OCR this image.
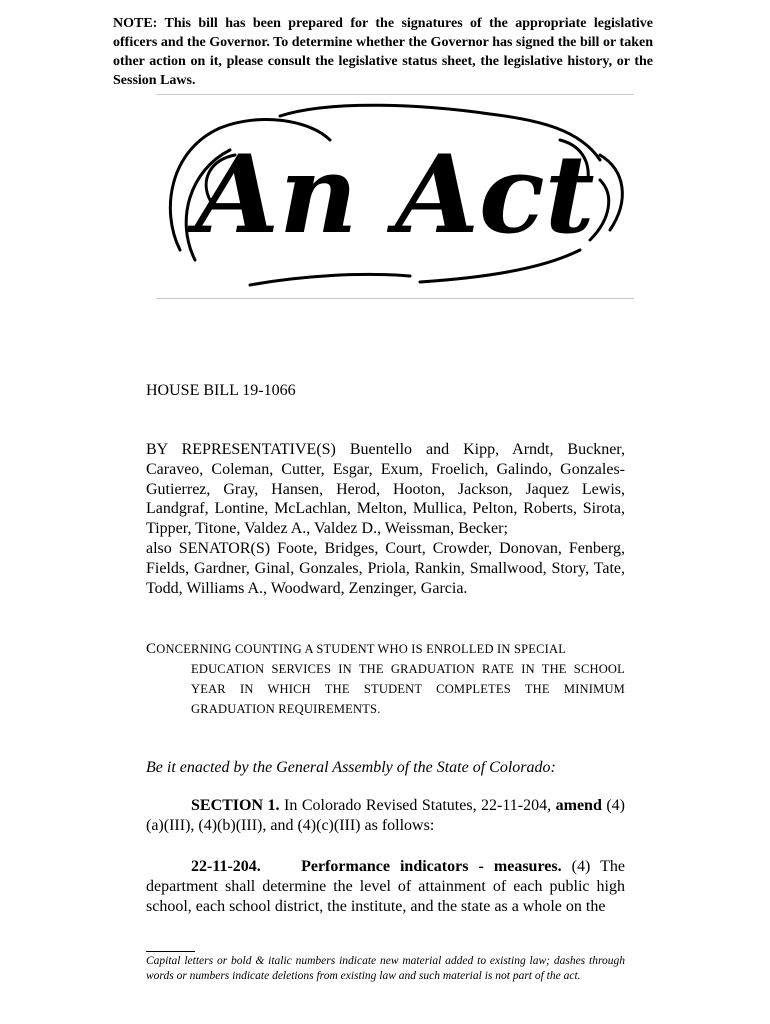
NOTE: This bill has been prepared for the signatures of the appropriate legislative officers and the Governor. To determine whether the Governor has signed the bill or taken other action on it, please consult the legislative status sheet, the legislative history, or the Session Laws.
An Act
HOUSE BILL 19-1066

BY REPRESENTATIVE(S) Buentello and Kipp, Arndt, Buckner, Caraveo, Coleman, Cutter, Esgar, Exum, Froelich, Galindo, Gonzales-Gutierrez, Gray, Hansen, Herod, Hooton, Jackson, Jaquez Lewis, Landgraf, Lontine, McLachlan, Melton, Mullica, Pelton, Roberts, Sirota, Tipper, Titone, Valdez A., Valdez D., Weissman, Becker;

also SENATOR(S) Foote, Bridges, Court, Crowder, Donovan, Fenberg, Fields, Gardner, Ginal, Gonzales, Priola, Rankin, Smallwood, Story, Tate, Todd, Williams A., Woodward, Zenzinger, Garcia.

CONCERNING COUNTING A STUDENT WHO IS ENROLLED IN SPECIAL
EDUCATION SERVICES IN THE GRADUATION RATE IN THE SCHOOL YEAR IN WHICH THE STUDENT COMPLETES THE MINIMUM GRADUATION REQUIREMENTS.
Be it enacted by the General Assembly of the State of Colorado:
SECTION 1. In Colorado Revised Statutes, 22-11-204, amend (4)(a)(III), (4)(b)(III), and (4)(c)(III) as follows:
22-11-204.	Performance indicators - measures. (4) The department shall determine the level of attainment of each public high school, each school district, the institute, and the state as a whole on the
Capital letters or bold & italic numbers indicate new material added to existing law; dashes through words or numbers indicate deletions from existing law and such material is not part of the act.
